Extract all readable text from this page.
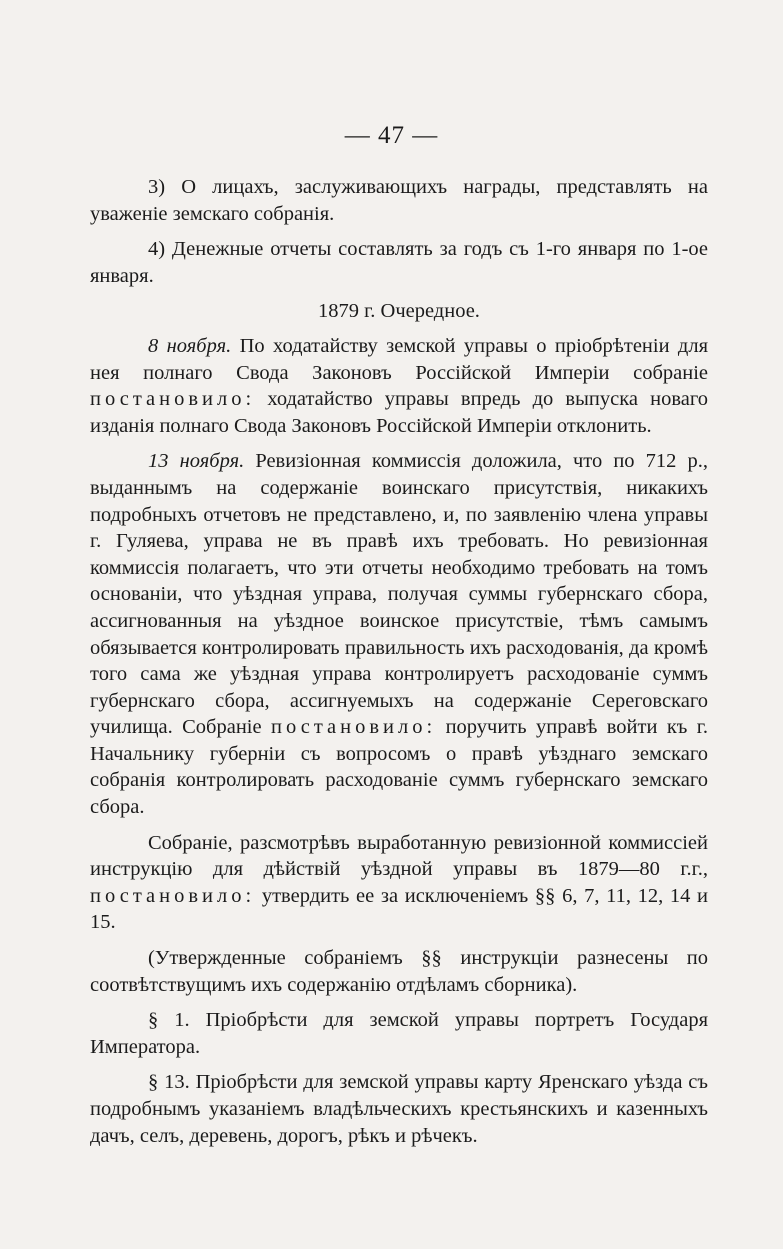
— 47 —

3) О лицахъ, заслуживающихъ награды, представлять на уваженіе земскаго собранія.

4) Денежные отчеты составлять за годъ съ 1-го января по 1-ое января.

1879 г. Очередное.

8 ноября. По ходатайству земской управы о пріобрѣтеніи для нея полнаго Свода Законовъ Россійской Имперіи собраніе постановило: ходатайство управы впредь до выпуска новаго изданія полнаго Свода Законовъ Россійской Имперіи отклонить.

13 ноября. Ревизіонная коммиссія доложила, что по 712 р., выданнымъ на содержаніе воинскаго присутствія, никакихъ подробныхъ отчетовъ не представлено, и, по заявленію члена управы г. Гуляева, управа не въ правѣ ихъ требовать. Но ревизіонная коммиссія полагаетъ, что эти отчеты необходимо требовать на томъ основаніи, что уѣздная управа, получая суммы губернскаго сбора, ассигнованныя на уѣздное воинское присутствіе, тѣмъ самымъ обязывается контролировать правильность ихъ расходованія, да кромѣ того сама же уѣздная управа контролируетъ расходованіе суммъ губернскаго сбора, ассигнуемыхъ на содержаніе Сереговскаго училища. Собраніе постановило: поручить управѣ войти къ г. Начальнику губерніи съ вопросомъ о правѣ уѣзднаго земскаго собранія контролировать расходованіе суммъ губернскаго земскаго сбора.

Собраніе, разсмотрѣвъ выработанную ревизіонной коммиссіей инструкцію для дѣйствій уѣздной управы въ 1879—80 г.г., постановило: утвердить ее за исключеніемъ §§ 6, 7, 11, 12, 14 и 15.

(Утвержденные собраніемъ §§ инструкціи разнесены по соотвѣтствущимъ ихъ содержанію отдѣламъ сборника).

§ 1. Пріобрѣсти для земской управы портретъ Государя Императора.

§ 13. Пріобрѣсти для земской управы карту Яренскаго уѣзда съ подробнымъ указаніемъ владѣльческихъ крестьянскихъ и казенныхъ дачъ, селъ, деревень, дорогъ, рѣкъ и рѣчекъ.
